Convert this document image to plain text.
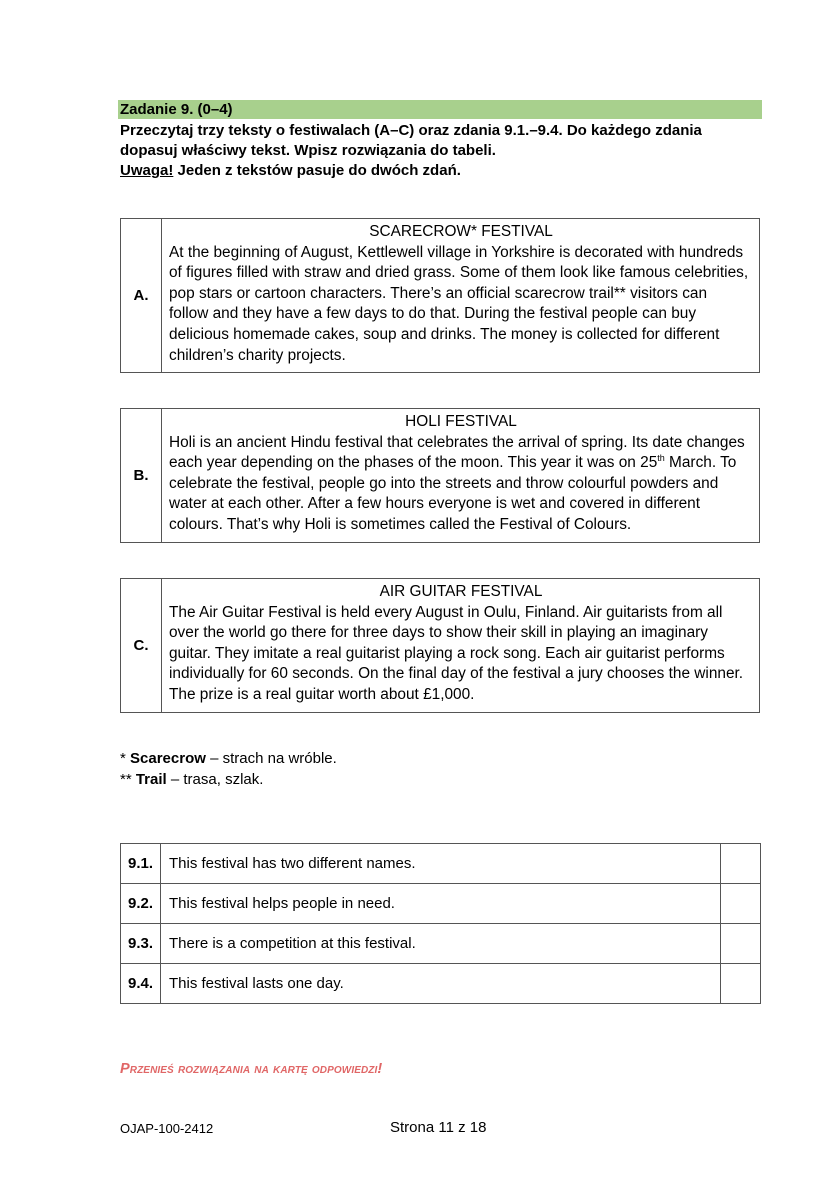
Zadanie 9. (0–4)
Przeczytaj trzy teksty o festiwalach (A–C) oraz zdania 9.1.–9.4. Do każdego zdania
dopasuj właściwy tekst. Wpisz rozwiązania do tabeli.
Uwaga! Jeden z tekstów pasuje do dwóch zdań.
A.
SCARECROW* FESTIVAL
At the beginning of August, Kettlewell village in Yorkshire is decorated with hundreds
of figures filled with straw and dried grass. Some of them look like famous celebrities,
pop stars or cartoon characters. There’s an official scarecrow trail** visitors can
follow and they have a few days to do that. During the festival people can buy
delicious homemade cakes, soup and drinks. The money is collected for different
children’s charity projects.
B.
HOLI FESTIVAL
Holi is an ancient Hindu festival that celebrates the arrival of spring. Its date changes
each year depending on the phases of the moon. This year it was on 25th March. To
celebrate the festival, people go into the streets and throw colourful powders and
water at each other. After a few hours everyone is wet and covered in different
colours. That’s why Holi is sometimes called the Festival of Colours.
C.
AIR GUITAR FESTIVAL
The Air Guitar Festival is held every August in Oulu, Finland. Air guitarists from all
over the world go there for three days to show their skill in playing an imaginary
guitar. They imitate a real guitarist playing a rock song. Each air guitarist performs
individually for 60 seconds. On the final day of the festival a jury chooses the winner.
The prize is a real guitar worth about £1,000.
* Scarecrow – strach na wróble.
** Trail – trasa, szlak.
9.1.	This festival has two different names.	
9.2.	This festival helps people in need.	
9.3.	There is a competition at this festival.	
9.4.	This festival lasts one day.	
Przenieś rozwiązania na kartę odpowiedzi!
OJAP-100-2412	Strona 11 z 18
